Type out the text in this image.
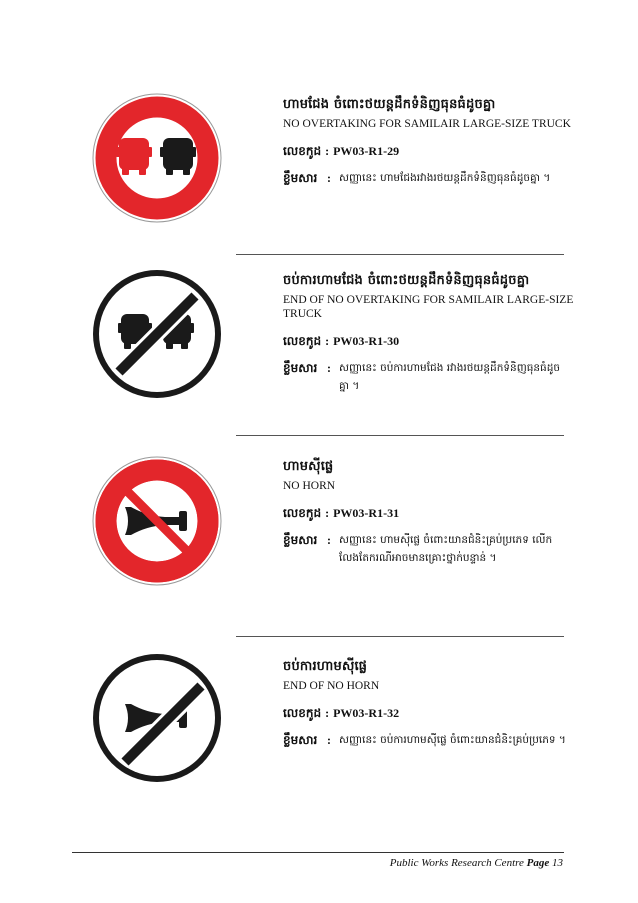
ហាមជែង ចំពោះថយន្តដឹកទំនិញធុនធំដូចគ្នា
NO OVERTAKING FOR SAMILAIR LARGE-SIZE TRUCK
លេខកូដ : PW03-R1-29
ខ្លឹមសារ : សញ្ញានេះ ហាមជែងរវាងរថយន្តដឹកទំនិញធុនធំដូចគ្នា ។
ចប់ការហាមជែង ចំពោះថយន្តដឹកទំនិញធុនធំដូចគ្នា
END OF NO OVERTAKING FOR SAMILAIR LARGE-SIZE TRUCK
លេខកូដ : PW03-R1-30
ខ្លឹមសារ : សញ្ញានេះ ចប់ការហាមជែង រវាងរថយន្តដឹកទំនិញធុនធំដូចគ្នា ។
ហាមស៊ីផ្លេ
NO HORN
លេខកូដ : PW03-R1-31
ខ្លឹមសារ : សញ្ញានេះ ហាមស៊ីផ្លេ ចំពោះយានជំនិះគ្រប់ប្រភេទ លើកលែងតែករណីអាចមានគ្រោះថ្នាក់បន្ទាន់ ។
ចប់ការហាមស៊ីផ្លេ
END OF NO HORN
លេខកូដ : PW03-R1-32
ខ្លឹមសារ : សញ្ញានេះ ចប់ការហាមស៊ីផ្លេ ចំពោះយានជំនិះគ្រប់ប្រភេទ ។
Public Works Research Centre Page 13
